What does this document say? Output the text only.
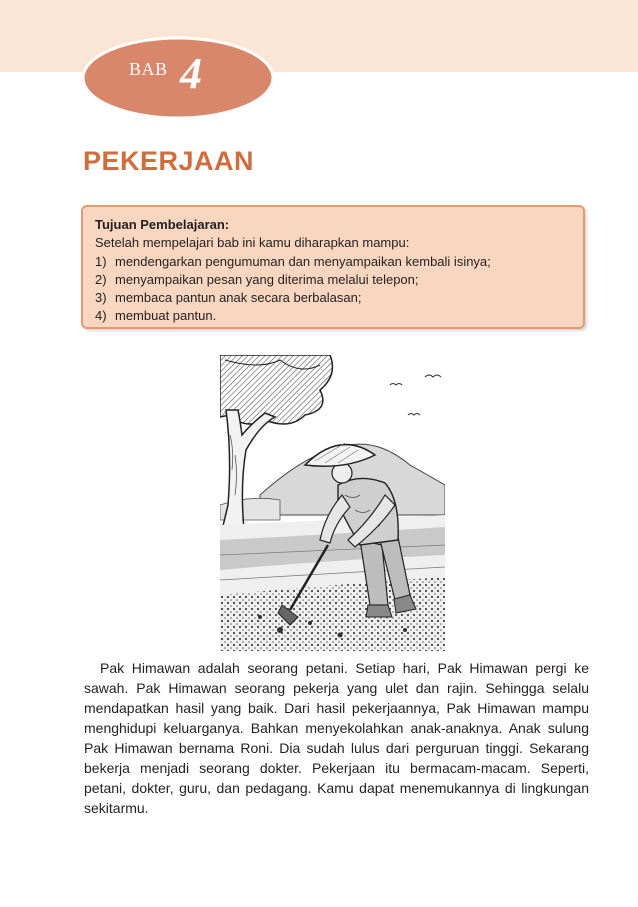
BAB 4
PEKERJAAN
Tujuan Pembelajaran:
Setelah mempelajari bab ini kamu diharapkan mampu:
1) mendengarkan pengumuman dan menyampaikan kembali isinya;
2) menyampaikan pesan yang diterima melalui telepon;
3) membaca pantun anak secara berbalasan;
4) membuat pantun.

Pak Himawan adalah seorang petani. Setiap hari, Pak Himawan pergi ke sawah. Pak Himawan seorang pekerja yang ulet dan rajin. Sehingga selalu mendapatkan hasil yang baik. Dari hasil pekerjaannya, Pak Himawan mampu menghidupi keluarganya. Bahkan menyekolahkan anak-anaknya. Anak sulung Pak Himawan bernama Roni. Dia sudah lulus dari perguruan tinggi. Sekarang bekerja menjadi seorang dokter. Pekerjaan itu bermacam-macam. Seperti, petani, dokter, guru, dan pedagang. Kamu dapat menemukannya di lingkungan sekitarmu.
